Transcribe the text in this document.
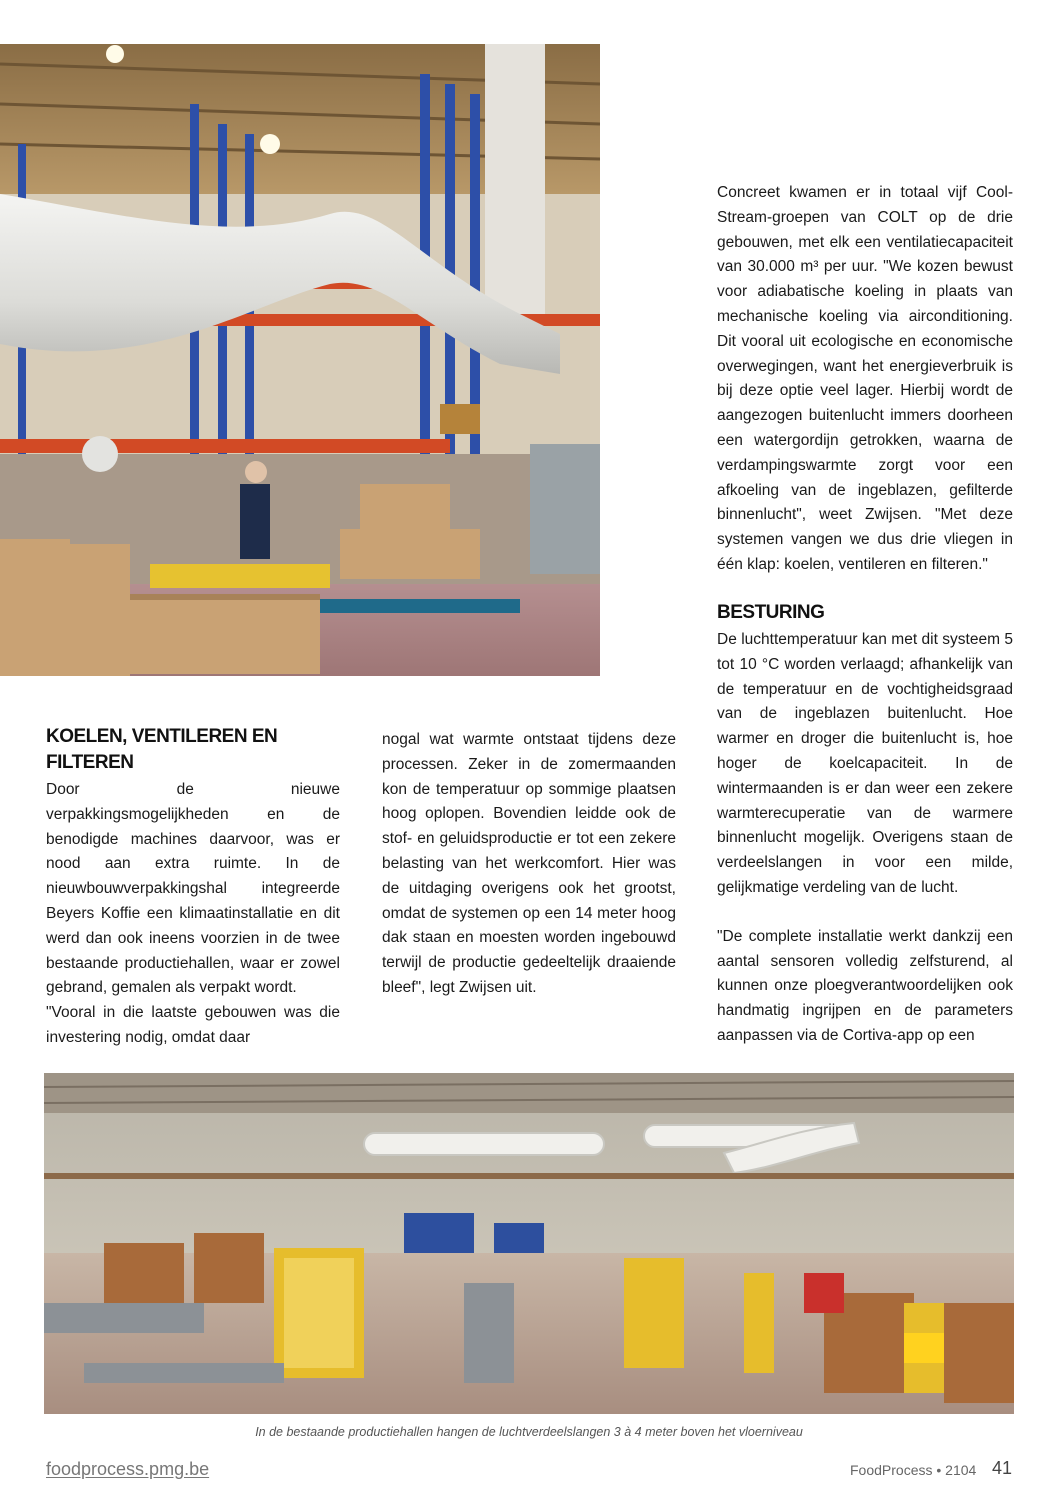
Concreet kwamen er in totaal vijf Cool-Stream-groepen van COLT op de drie gebouwen, met elk een ventilatiecapaciteit van 30.000 m³ per uur. "We kozen bewust voor adiabatische koeling in plaats van mechanische koeling via airconditioning. Dit vooral uit ecologische en economische overwegingen, want het energieverbruik is bij deze optie veel lager. Hierbij wordt de aangezogen buitenlucht immers doorheen een watergordijn getrokken, waarna de verdampingswarmte zorgt voor een afkoeling van de ingeblazen, gefilterde binnenlucht", weet Zwijsen. "Met deze systemen vangen we dus drie vliegen in één klap: koelen, ventileren en filteren."

BESTURING

De luchttemperatuur kan met dit systeem 5 tot 10 °C worden verlaagd; afhankelijk van de temperatuur en de vochtigheidsgraad van de ingeblazen buitenlucht. Hoe warmer en droger die buitenlucht is, hoe hoger de koelcapaciteit. In de wintermaanden is er dan weer een zekere warmterecuperatie van de warmere binnenlucht mogelijk. Overigens staan de verdeelslangen in voor een milde, gelijkmatige verdeling van de lucht.

"De complete installatie werkt dankzij een aantal sensoren volledig zelfsturend, al kunnen onze ploegverantwoordelijken ook handmatig ingrijpen en de parameters aanpassen via de Cortiva-app op een

KOELEN, VENTILEREN EN FILTEREN

Door de nieuwe verpakkingsmogelijkheden en de benodigde machines daarvoor, was er nood aan extra ruimte. In de nieuwbouwverpakkingshal integreerde Beyers Koffie een klimaatinstallatie en dit werd dan ook ineens voorzien in de twee bestaande productiehallen, waar er zowel gebrand, gemalen als verpakt wordt.

"Vooral in die laatste gebouwen was die investering nodig, omdat daar

nogal wat warmte ontstaat tijdens deze processen. Zeker in de zomermaanden kon de temperatuur op sommige plaatsen hoog oplopen. Bovendien leidde ook de stof- en geluidsproductie er tot een zekere belasting van het werkcomfort. Hier was de uitdaging overigens ook het grootst, omdat de systemen op een 14 meter hoog dak staan en moesten worden ingebouwd terwijl de productie gedeeltelijk draaiende bleef", legt Zwijsen uit.

In de bestaande productiehallen hangen de luchtverdeelslangen 3 à 4 meter boven het vloerniveau
foodprocess.pmg.be	FoodProcess • 2104 41
